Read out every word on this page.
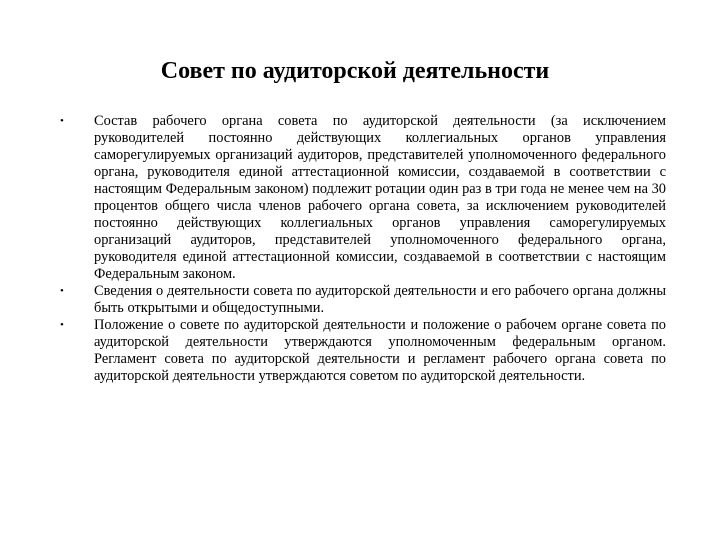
Совет по аудиторской деятельности
• Состав рабочего органа совета по аудиторской деятельности (за исключением руководителей постоянно действующих коллегиальных органов управления саморегулируемых организаций аудиторов, представителей уполномоченного федерального органа, руководителя единой аттестационной комиссии, создаваемой в соответствии с настоящим Федеральным законом) подлежит ротации один раз в три года не менее чем на 30 процентов общего числа членов рабочего органа совета, за исключением руководителей постоянно действующих коллегиальных органов управления саморегулируемых организаций аудиторов, представителей уполномоченного федерального органа, руководителя единой аттестационной комиссии, создаваемой в соответствии с настоящим Федеральным законом.
• Сведения о деятельности совета по аудиторской деятельности и его рабочего органа должны быть открытыми и общедоступными.
• Положение о совете по аудиторской деятельности и положение о рабочем органе совета по аудиторской деятельности утверждаются уполномоченным федеральным органом. Регламент совета по аудиторской деятельности и регламент рабочего органа совета по аудиторской деятельности утверждаются советом по аудиторской деятельности.
